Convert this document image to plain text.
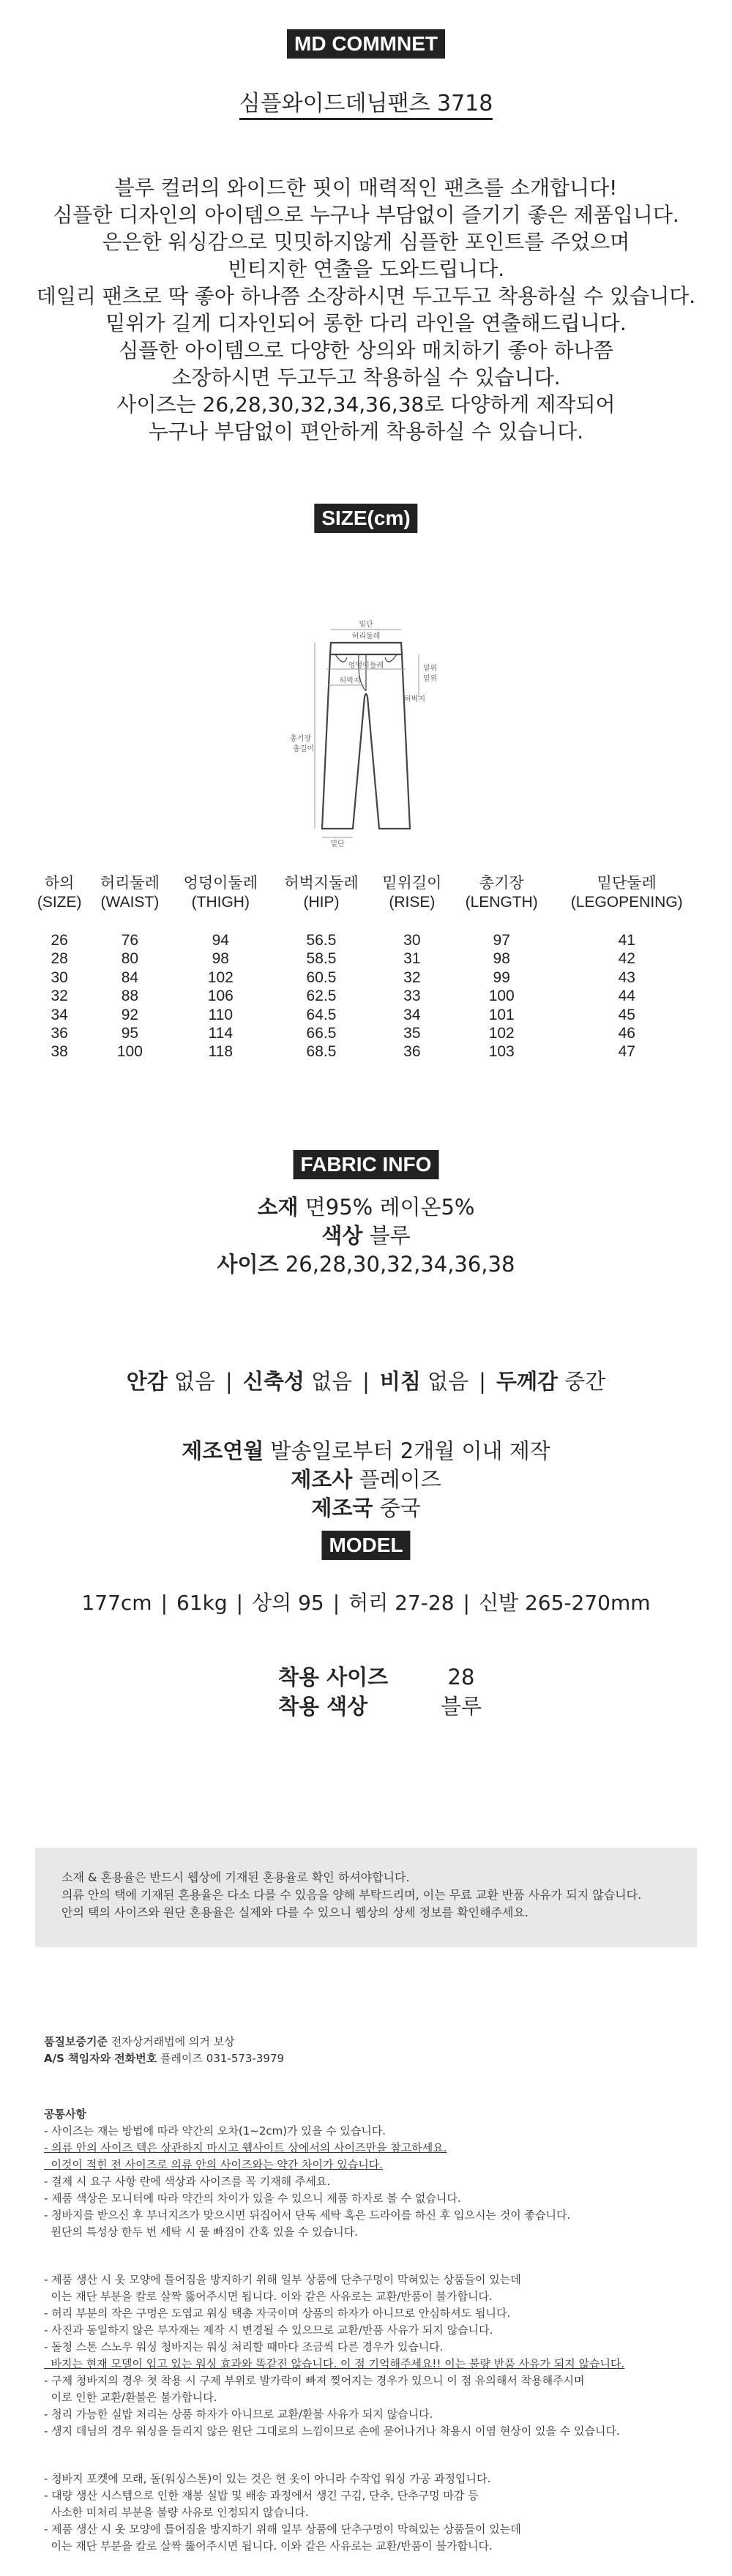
MD COMMNET
심플와이드데님팬츠 3718
블루 컬러의 와이드한 핏이 매력적인 팬츠를 소개합니다!
심플한 디자인의 아이템으로 누구나 부담없이 즐기기 좋은 제품입니다.
은은한 워싱감으로 밋밋하지않게 심플한 포인트를 주었으며
빈티지한 연출을 도와드립니다.
데일리 팬츠로 딱 좋아 하나쯤 소장하시면 두고두고 착용하실 수 있습니다.
밑위가 길게 디자인되어 롱한 다리 라인을 연출해드립니다.
심플한 아이템으로 다양한 상의와 매치하기 좋아 하나쯤
소장하시면 두고두고 착용하실 수 있습니다.
사이즈는 26,28,30,32,34,36,38로 다양하게 제작되어
누구나 부담없이 편안하게 착용하실 수 있습니다.
SIZE(cm)
밑단
허리둘레
허벅지
엉덩이둘레	밑위
밑위
총기장
총길이
허벅지
밑단
하의	허리둘레	엉덩이둘레	허벅지둘레	밑위길이	총기장	밑단둘레
(SIZE)	(WAIST)	(THIGH)	(HIP)	(RISE)	(LENGTH)	(LEGOPENING)
26	76	94	56.5	30	97	41
28	80	98	58.5	31	98	42
30	84	102	60.5	32	99	43
32	88	106	62.5	33	100	44
34	92	110	64.5	34	101	45
36	95	114	66.5	35	102	46
38	100	118	68.5	36	103	47
FABRIC INFO
소재 면95% 레이온5%
색상 블루
사이즈 26,28,30,32,34,36,38
안감 없음 | 신축성 없음 | 비침 없음 | 두께감 중간
제조연월 발송일로부터 2개월 이내 제작
제조사 플레이즈
제조국 중국
MODEL
177cm | 61kg | 상의 95 | 허리 27-28 | 신발 265-270mm
착용 사이즈	28
착용 색상	블루
소재 & 혼용율은 반드시 웹상에 기재된 혼용율로 확인 하셔야합니다.
의류 안의 택에 기재된 혼용율은 다소 다를 수 있음을 양해 부탁드리며, 이는 무료 교환 반품 사유가 되지 않습니다.
안의 택의 사이즈와 원단 혼용율은 실제와 다를 수 있으니 웹상의 상세 정보를 확인해주세요.
품질보증기준 전자상거래법에 의거 보상
A/S 책임자와 전화번호 플레이즈 031-573-3979
공통사항
- 사이즈는 재는 방법에 따라 약간의 오차(1~2cm)가 있을 수 있습니다.
- 의류 안의 사이즈 텍은 상관하지 마시고 웹사이트 상에서의 사이즈만을 참고하세요.
이것이 적힌 전 사이즈로 의류 안의 사이즈와는 약간 차이가 있습니다.
- 결제 시 요구 사항 란에 색상과 사이즈를 꼭 기재해 주세요.
- 제품 색상은 모니터에 따라 약간의 차이가 있을 수 있으니 제품 하자로 볼 수 없습니다.
- 청바지를 받으신 후 부너지즈가 맞으시면 뒤집어서 단독 세탁 혹은 드라이를 하신 후 입으시는 것이 좋습니다.
원단의 특성상 한두 번 세탁 시 물 빠짐이 간혹 있을 수 있습니다.
- 제품 생산 시 옷 모양에 틀어짐을 방지하기 위해 일부 상품에 단추구멍이 막혀있는 상품들이 있는데
이는 재단 부분을 칼로 살짝 뚫어주시면 됩니다. 이와 같은 사유로는 교환/반품이 불가합니다.
- 허리 부분의 작은 구멍은 도엽교 워싱 택총 자국이며 상품의 하자가 아니므로 안심하셔도 됩니다.
- 사진과 동일하지 않은 부자재는 제작 시 변경될 수 있으므로 교환/반품 사유가 되지 않습니다.
- 돌청 스톤 스노우 워싱 청바지는 워싱 처리할 때마다 조금씩 다른 경우가 있습니다.
바지는 현재 모델이 입고 있는 워싱 효과와 똑같진 않습니다. 이 점 기억해주세요!! 이는 불량 반품 사유가 되지 않습니다.
- 구제 청바지의 경우 첫 착용 시 구제 부위로 발가락이 빠져 찢어지는 경우가 있으니 이 점 유의해서 착용해주시며
이로 인한 교환/환불은 불가합니다.
- 청리 가능한 실밥 처리는 상품 하자가 아니므로 교환/환불 사유가 되지 않습니다.
- 생지 데님의 경우 워싱을 들리지 않은 원단 그대로의 느낌이므로 손에 묻어나거나 착용시 이염 현상이 있을 수 있습니다.
- 청바지 포켓에 모래, 돌(워싱스톤)이 있는 것은 헌 옷이 아니라 수작업 워싱 가공 과정입니다.
- 대량 생산 시스템으로 인한 재봉 실밥 및 배송 과정에서 생긴 구김, 단추, 단추구멍 마감 등
사소한 미처리 부분을 불량 사유로 인정되지 않습니다.
- 제품 생산 시 옷 모양에 틀어짐을 방지하기 위해 일부 상품에 단추구멍이 막혀있는 상품들이 있는데
이는 재단 부분을 칼로 살짝 뚫어주시면 됩니다. 이와 같은 사유로는 교환/반품이 불가합니다.
